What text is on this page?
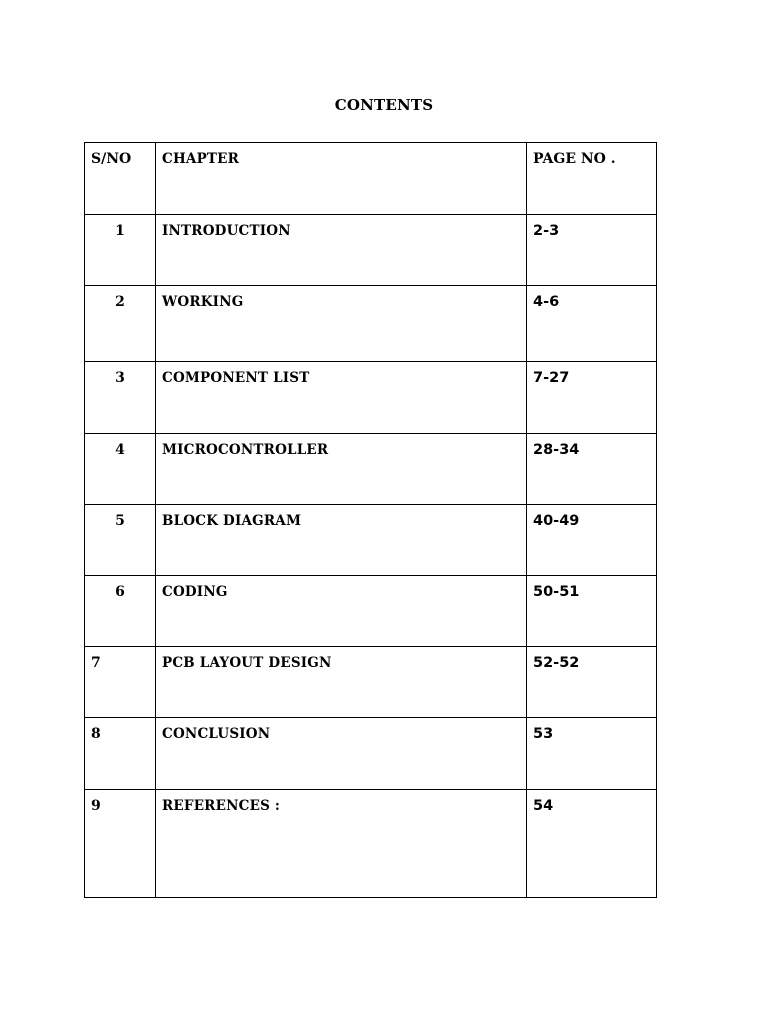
CONTENTS
S/NO	CHAPTER	PAGE NO .

1	INTRODUCTION	2-3

2	WORKING	4-6

3	COMPONENT LIST	7-27

4	MICROCONTROLLER	28-34

5	BLOCK DIAGRAM	40-49

6	CODING	50-51

7	PCB LAYOUT DESIGN	52-52

8	CONCLUSION	53

9	REFERENCES :	54
